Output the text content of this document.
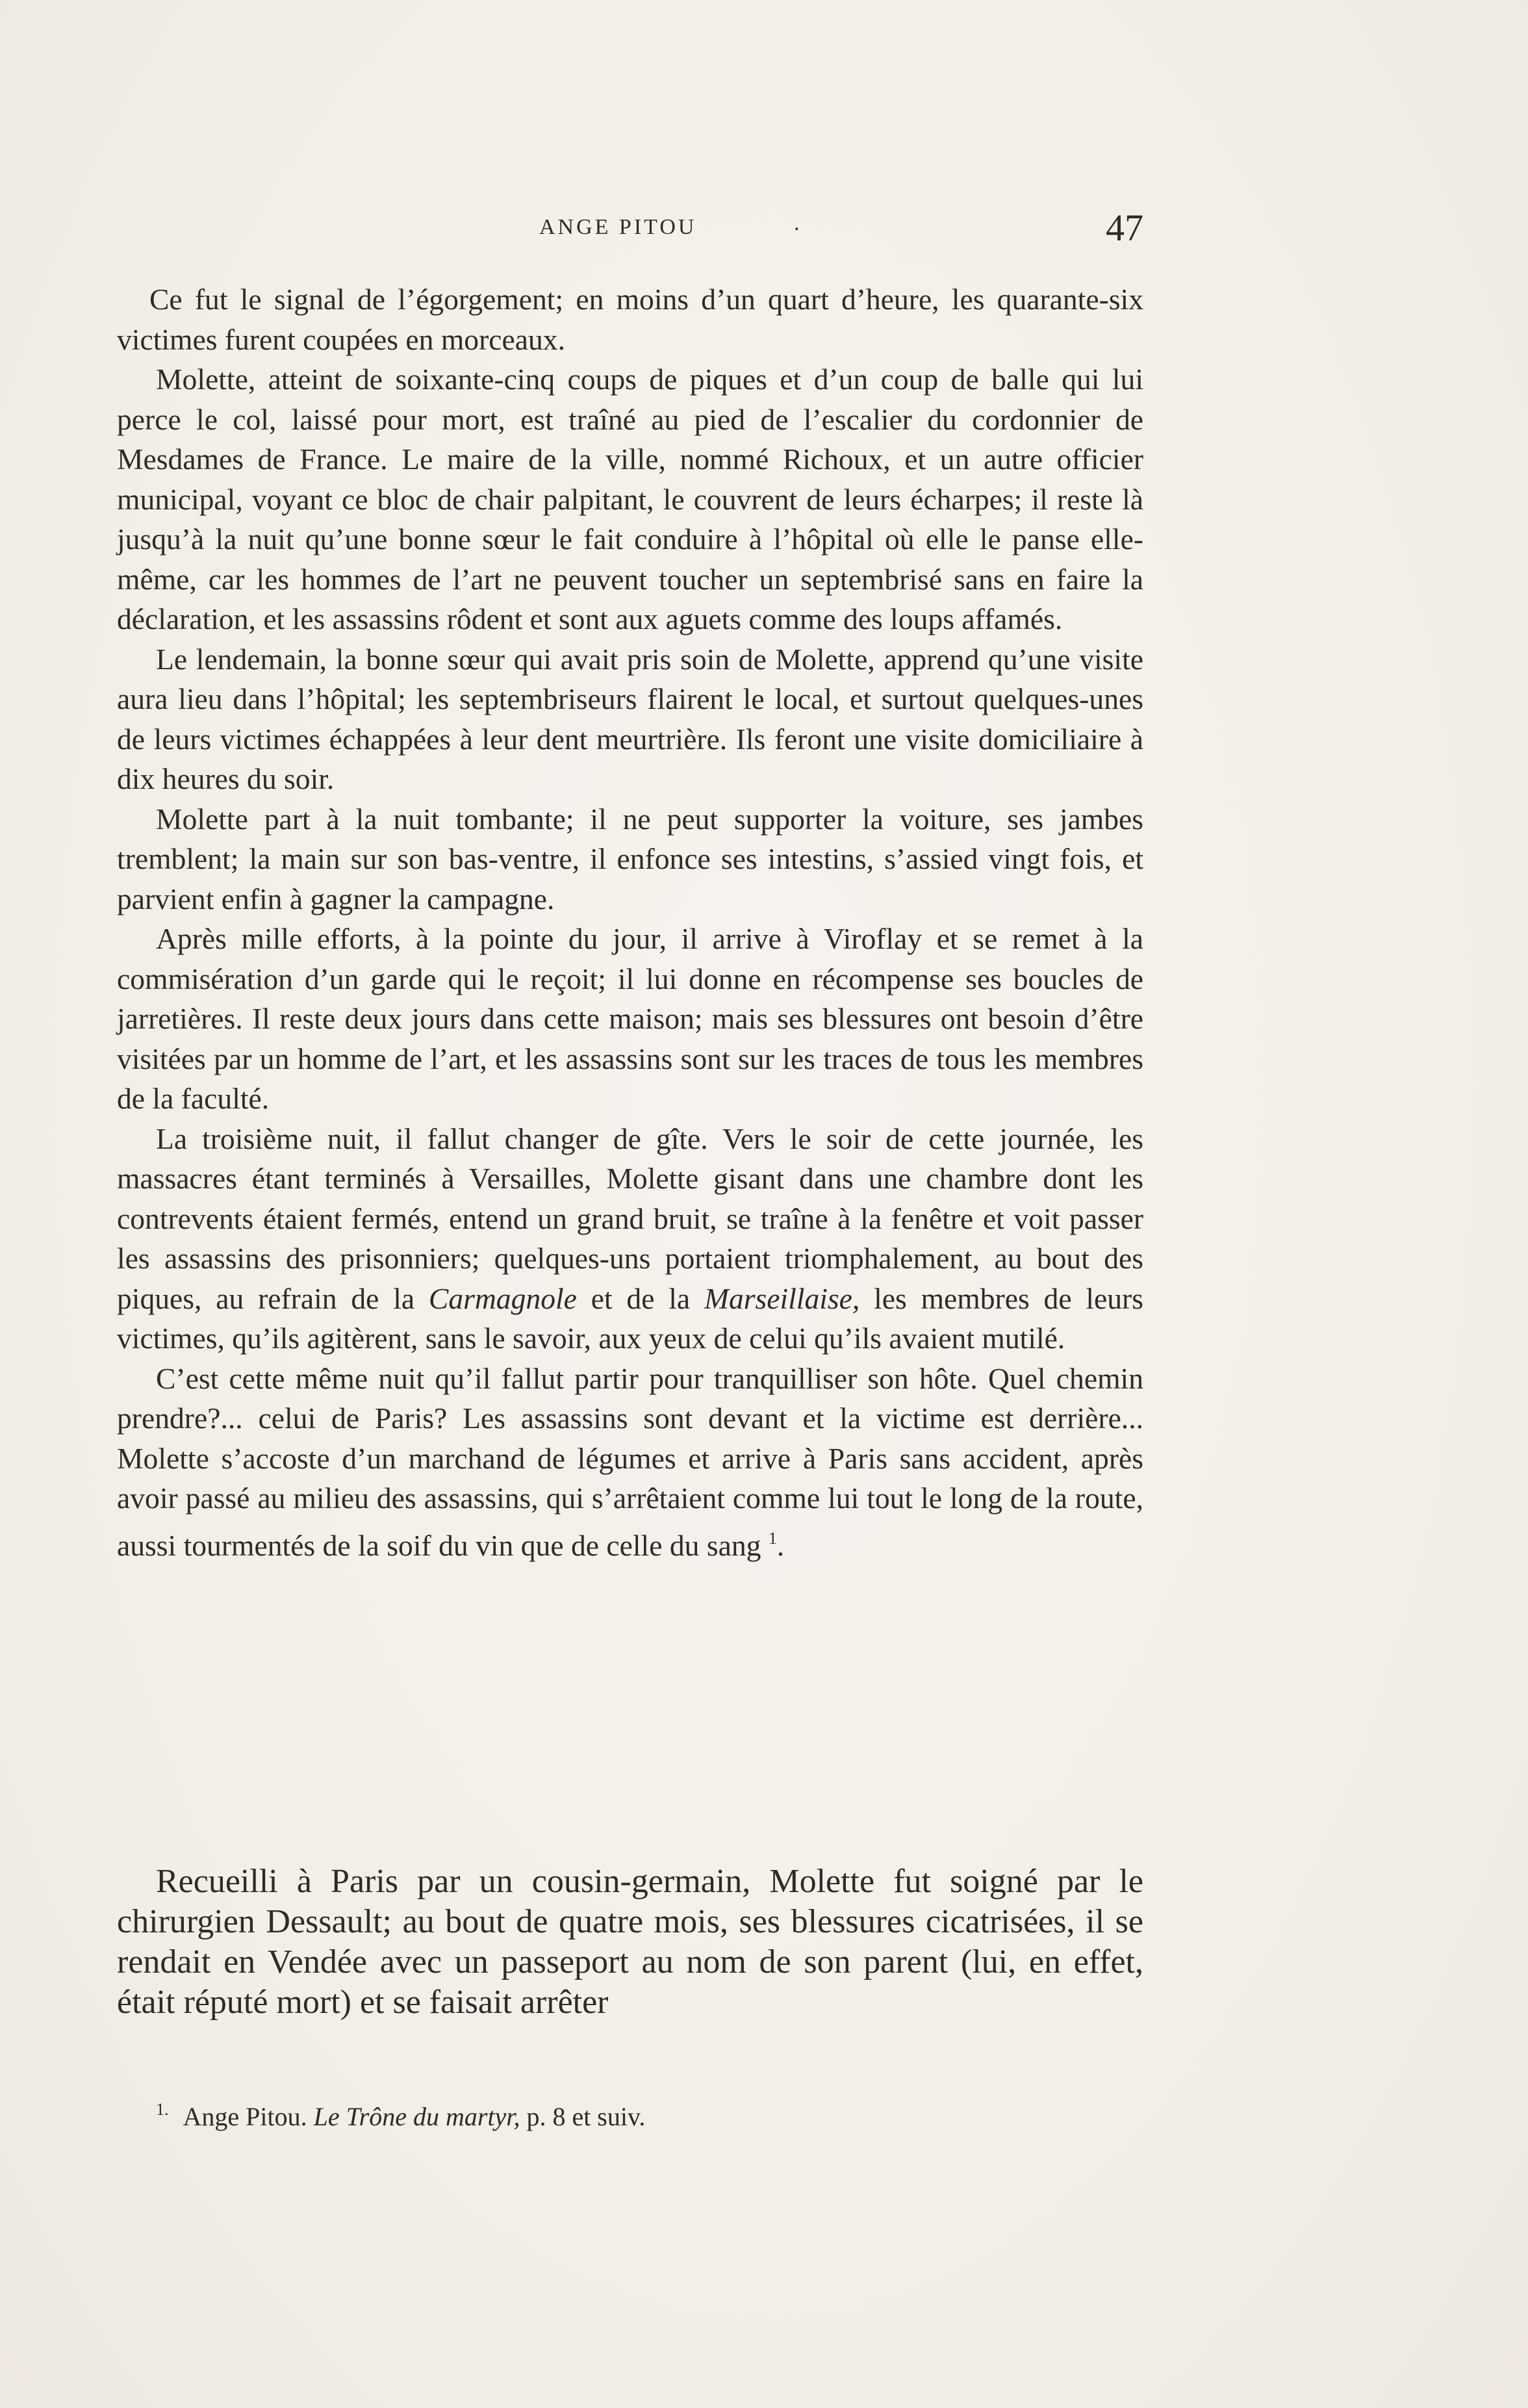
ANGE PITOU	.	47

Ce fut le signal de l’égorgement; en moins d’un quart d’heure, les quarante-six victimes furent coupées en morceaux.

Molette, atteint de soixante-cinq coups de piques et d’un coup de balle qui lui perce le col, laissé pour mort, est traîné au pied de l’escalier du cordonnier de Mesdames de France. Le maire de la ville, nommé Richoux, et un autre officier municipal, voyant ce bloc de chair palpitant, le couvrent de leurs écharpes; il reste là jusqu’à la nuit qu’une bonne sœur le fait conduire à l’hôpital où elle le panse elle-même, car les hommes de l’art ne peuvent toucher un septembrisé sans en faire la déclaration, et les assassins rôdent et sont aux aguets comme des loups affamés.

Le lendemain, la bonne sœur qui avait pris soin de Molette, apprend qu’une visite aura lieu dans l’hôpital; les septembriseurs flairent le local, et surtout quelques-unes de leurs victimes échappées à leur dent meurtrière. Ils feront une visite domiciliaire à dix heures du soir.

Molette part à la nuit tombante; il ne peut supporter la voiture, ses jambes tremblent; la main sur son bas-ventre, il enfonce ses intestins, s’assied vingt fois, et parvient enfin à gagner la campagne.

Après mille efforts, à la pointe du jour, il arrive à Viroflay et se remet à la commisération d’un garde qui le reçoit; il lui donne en récompense ses boucles de jarretières. Il reste deux jours dans cette maison; mais ses blessures ont besoin d’être visitées par un homme de l’art, et les assassins sont sur les traces de tous les membres de la faculté.

La troisième nuit, il fallut changer de gîte. Vers le soir de cette journée, les massacres étant terminés à Versailles, Molette gisant dans une chambre dont les contrevents étaient fermés, entend un grand bruit, se traîne à la fenêtre et voit passer les assassins des prisonniers; quelques-uns portaient triomphalement, au bout des piques, au refrain de la Carmagnole et de la Marseillaise, les membres de leurs victimes, qu’ils agitèrent, sans le savoir, aux yeux de celui qu’ils avaient mutilé.

C’est cette même nuit qu’il fallut partir pour tranquilliser son hôte. Quel chemin prendre?... celui de Paris? Les assassins sont devant et la victime est derrière... Molette s’accoste d’un marchand de légumes et arrive à Paris sans accident, après avoir passé au milieu des assassins, qui s’arrêtaient comme lui tout le long de la route, aussi tourmentés de la soif du vin que de celle du sang $^1$.

Recueilli à Paris par un cousin-germain, Molette fut soigné par le chirurgien Dessault; au bout de quatre mois, ses blessures cicatrisées, il se rendait en Vendée avec un passeport au nom de son parent (lui, en effet, était réputé mort) et se faisait arrêter

$^{1.}$ Ange Pitou. Le Trône du martyr, p. 8 et suiv.
